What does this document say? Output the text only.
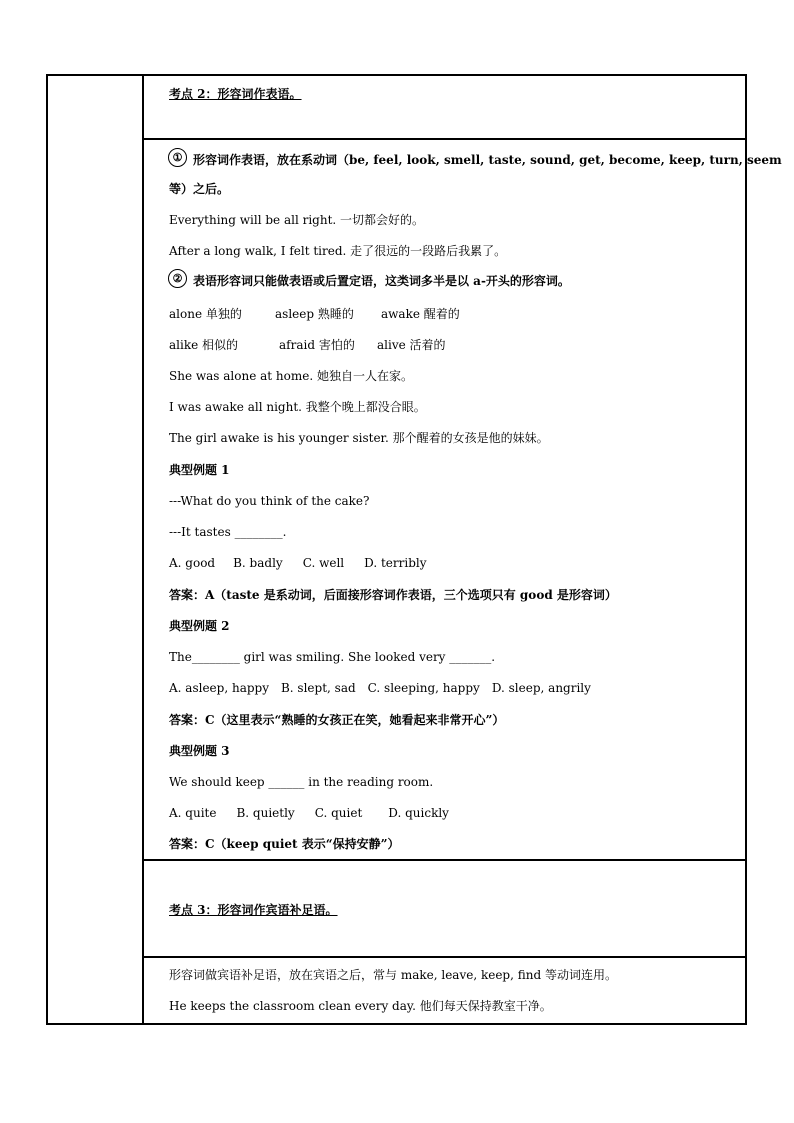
考点 2：形容词作表语。
① 形容词作表语，放在系动词（be, feel, look, smell, taste, sound, get, become, keep, turn, seem
等）之后。
Everything will be all right. 一切都会好的。
After a long walk, I felt tired. 走了很远的一段路后我累了。
② 表语形容词只能做表语或后置定语，这类词多半是以 a-开头的形容词。
alone 单独的	asleep 熟睡的 awake 醒着的
alike 相似的	afraid 害怕的 alive 活着的
She was alone at home. 她独自一人在家。
I was awake all night. 我整个晚上都没合眼。
The girl awake is his younger sister. 那个醒着的女孩是他的妹妹。
典型例题 1
---What do you think of the cake?
---It tastes ________.
A. good B. badly C. well D. terribly
答案：A（taste 是系动词，后面接形容词作表语，三个选项只有 good 是形容词）
典型例题 2
The________ girl was smiling. She looked very _______.
A. asleep, happy B. slept, sad C. sleeping, happy D. sleep, angrily
答案：C（这里表示“熟睡的女孩正在笑，她看起来非常开心”）
典型例题 3
We should keep ______ in the reading room.
A. quite B. quietly C. quiet D. quickly
答案：C（keep quiet 表示“保持安静”）
考点 3：形容词作宾语补足语。
形容词做宾语补足语，放在宾语之后，常与 make, leave, keep, find 等动词连用。
He keeps the classroom clean every day. 他们每天保持教室干净。
